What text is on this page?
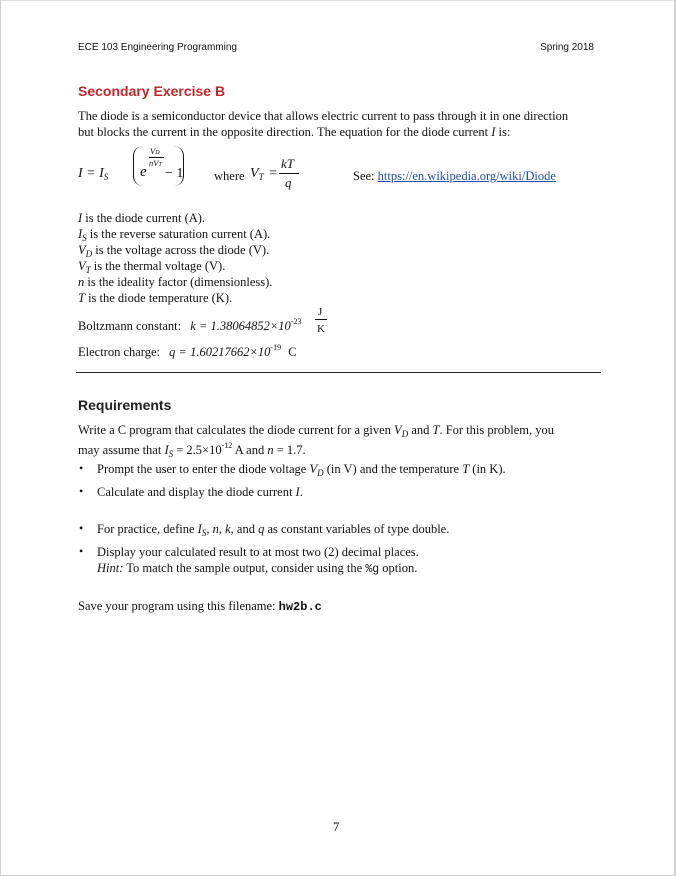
ECE 103 Engineering Programming	Spring 2018
Secondary Exercise B
The diode is a semiconductor device that allows electric current to pass through it in one direction
but blocks the current in the opposite direction. The equation for the diode current I is:
$I = I_S$ e
VD
nVT
− 1 where $V_T$ =
kT
q	See: https://en.wikipedia.org/wiki/Diode
I is the diode current (A).
$I_S$ is the reverse saturation current (A).
$V_D$ is the voltage across the diode (V).
$V_T$ is the thermal voltage (V).
n is the ideality factor (dimensionless).
T is the diode temperature (K).
Boltzmann constant: $k = 1.38064852\times 10^{-23}$
J
K
Electron charge: $q = 1.60217662\times 10^{-19}$ C
Requirements
Write a C program that calculates the diode current for a given $V_D$ and T. For this problem, you
may assume that $I_S = 2.5\times 10^{-12}$ A and n = 1.7.
• Prompt the user to enter the diode voltage $V_D$ (in V) and the temperature T (in K).
• Calculate and display the diode current I.
• For practice, define $I_S$, n, k, and q as constant variables of type double.
• Display your calculated result to at most two (2) decimal places.
Hint: To match the sample output, consider using the %g option.
Save your program using this filename: hw2b.c
7
